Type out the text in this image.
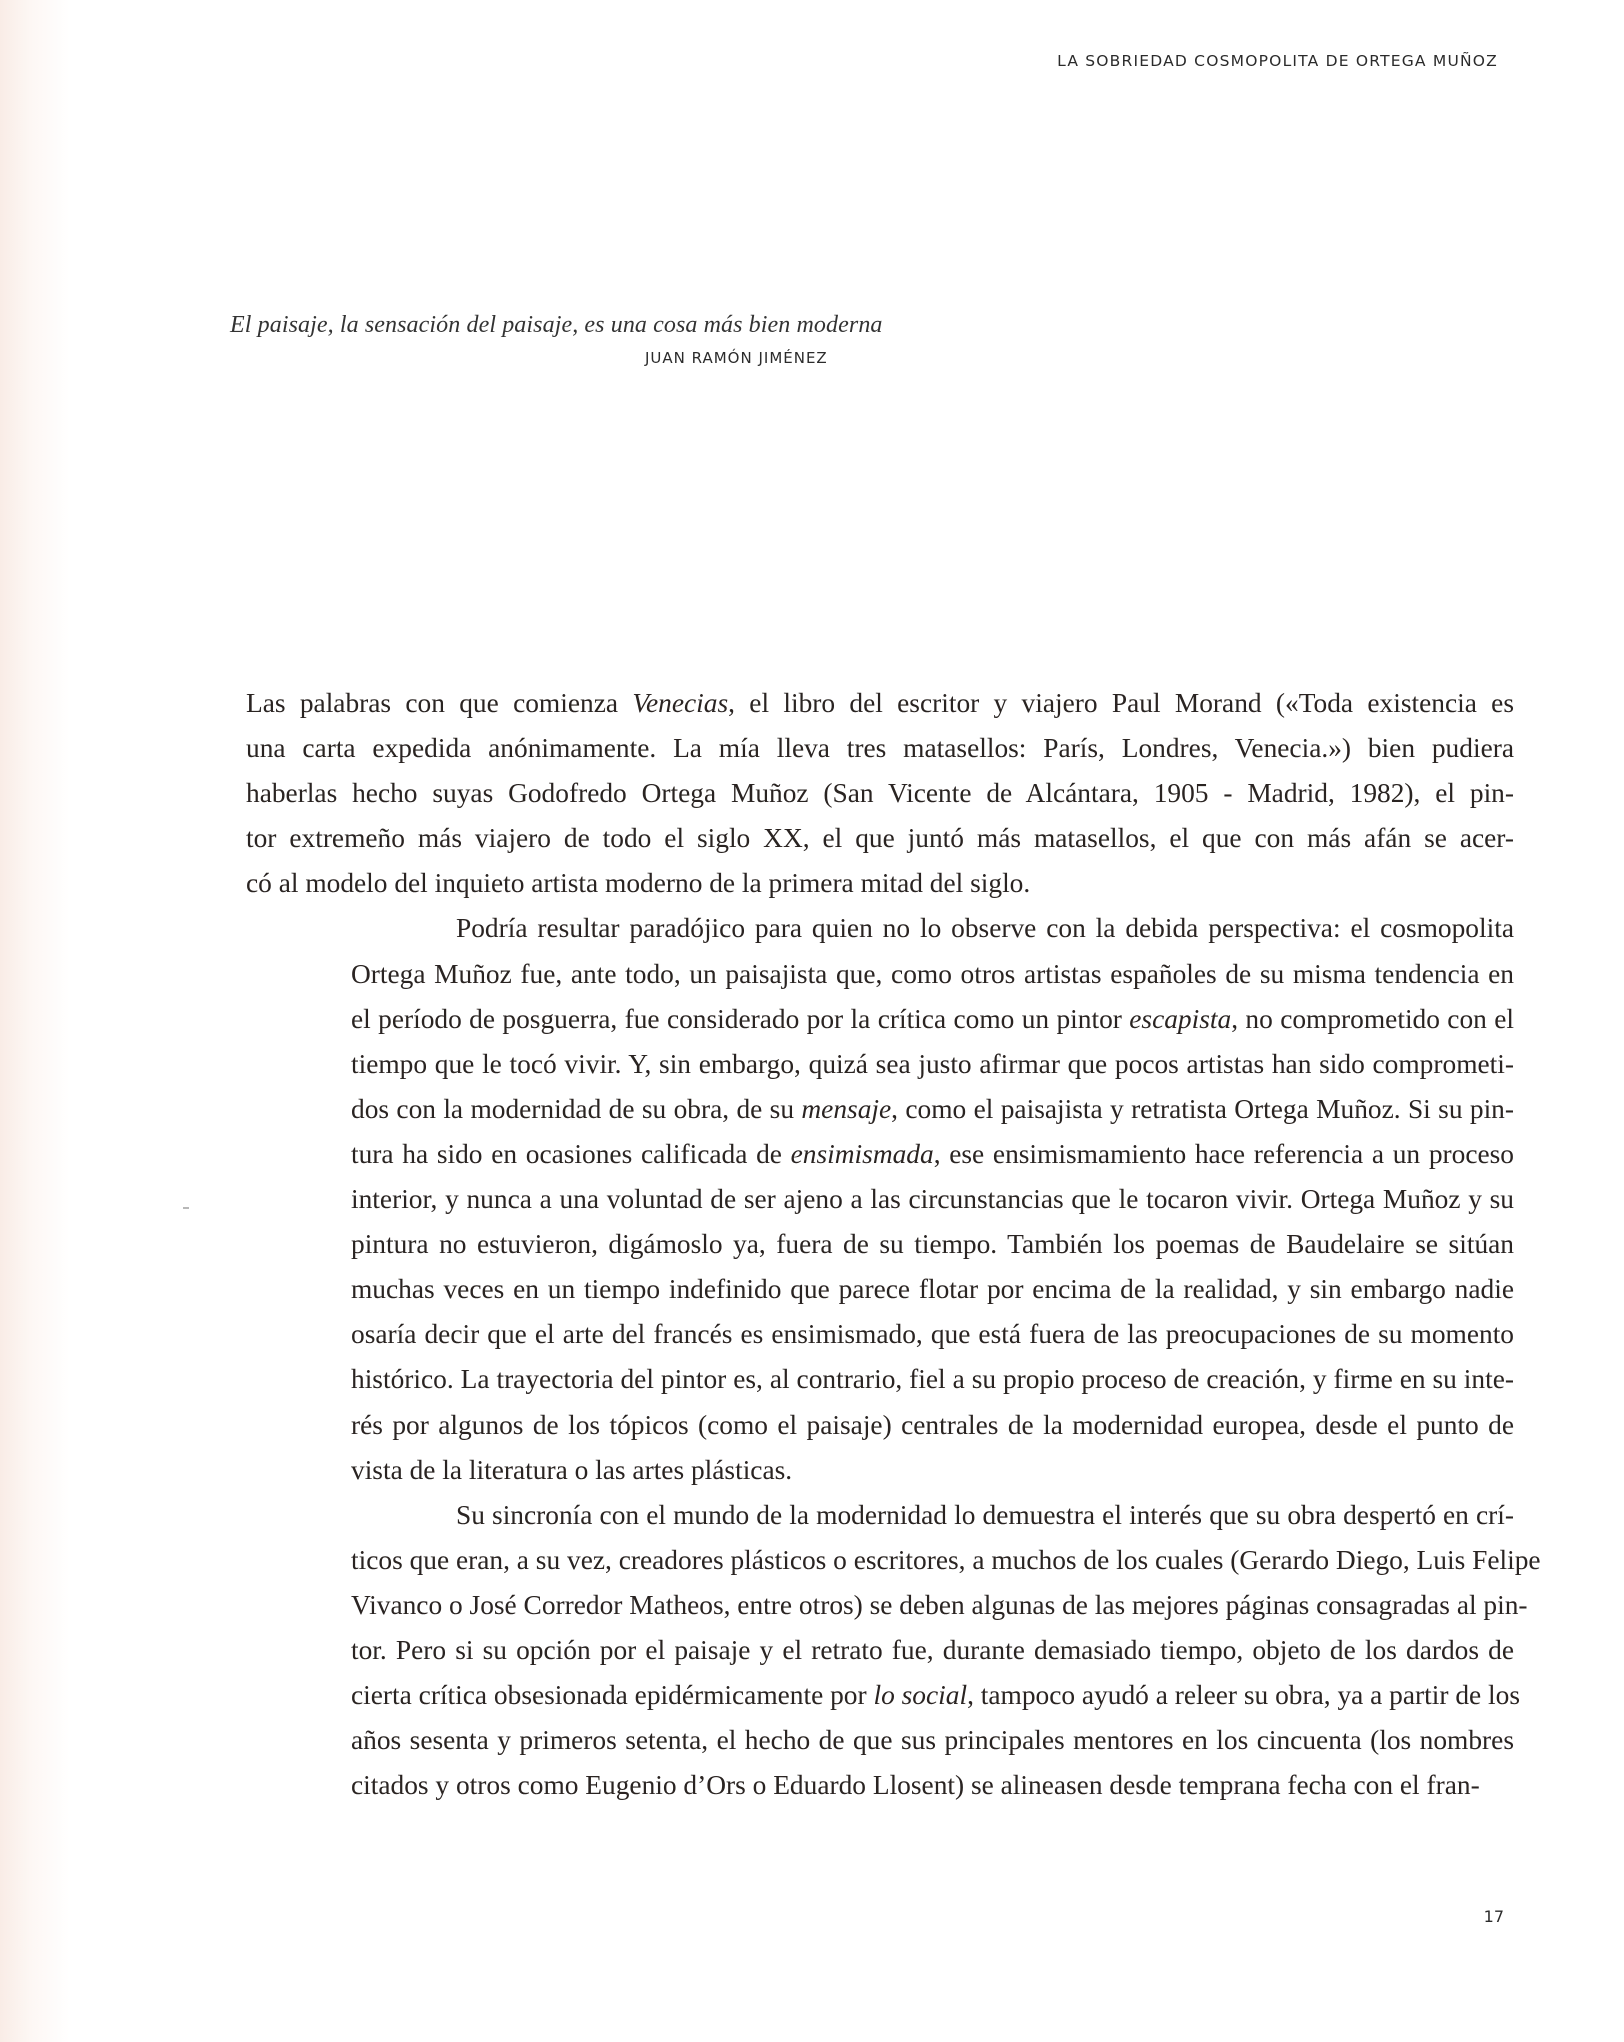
LA SOBRIEDAD COSMOPOLITA DE ORTEGA MUÑOZ
El paisaje, la sensación del paisaje, es una cosa más bien moderna
JUAN RAMÓN JIMÉNEZ

Las palabras con que comienza Venecias, el libro del escritor y viajero Paul Morand («Toda existencia es
una carta expedida anónimamente. La mía lleva tres matasellos: París, Londres, Venecia.») bien pudiera
haberlas hecho suyas Godofredo Ortega Muñoz (San Vicente de Alcántara, 1905 - Madrid, 1982), el pin-
tor extremeño más viajero de todo el siglo XX, el que juntó más matasellos, el que con más afán se acer-
có al modelo del inquieto artista moderno de la primera mitad del siglo.

Podría resultar paradójico para quien no lo observe con la debida perspectiva: el cosmopolita
Ortega Muñoz fue, ante todo, un paisajista que, como otros artistas españoles de su misma tendencia en
el período de posguerra, fue considerado por la crítica como un pintor escapista, no comprometido con el
tiempo que le tocó vivir. Y, sin embargo, quizá sea justo afirmar que pocos artistas han sido comprometi-
dos con la modernidad de su obra, de su mensaje, como el paisajista y retratista Ortega Muñoz. Si su pin-
tura ha sido en ocasiones calificada de ensimismada, ese ensimismamiento hace referencia a un proceso
interior, y nunca a una voluntad de ser ajeno a las circunstancias que le tocaron vivir. Ortega Muñoz y su
pintura no estuvieron, digámoslo ya, fuera de su tiempo. También los poemas de Baudelaire se sitúan
muchas veces en un tiempo indefinido que parece flotar por encima de la realidad, y sin embargo nadie
osaría decir que el arte del francés es ensimismado, que está fuera de las preocupaciones de su momento
histórico. La trayectoria del pintor es, al contrario, fiel a su propio proceso de creación, y firme en su inte-
rés por algunos de los tópicos (como el paisaje) centrales de la modernidad europea, desde el punto de
vista de la literatura o las artes plásticas.

Su sincronía con el mundo de la modernidad lo demuestra el interés que su obra despertó en crí-
ticos que eran, a su vez, creadores plásticos o escritores, a muchos de los cuales (Gerardo Diego, Luis Felipe
Vivanco o José Corredor Matheos, entre otros) se deben algunas de las mejores páginas consagradas al pin-
tor. Pero si su opción por el paisaje y el retrato fue, durante demasiado tiempo, objeto de los dardos de
cierta crítica obsesionada epidérmicamente por lo social, tampoco ayudó a releer su obra, ya a partir de los
años sesenta y primeros setenta, el hecho de que sus principales mentores en los cincuenta (los nombres
citados y otros como Eugenio d’Ors o Eduardo Llosent) se alineasen desde temprana fecha con el fran-

17
